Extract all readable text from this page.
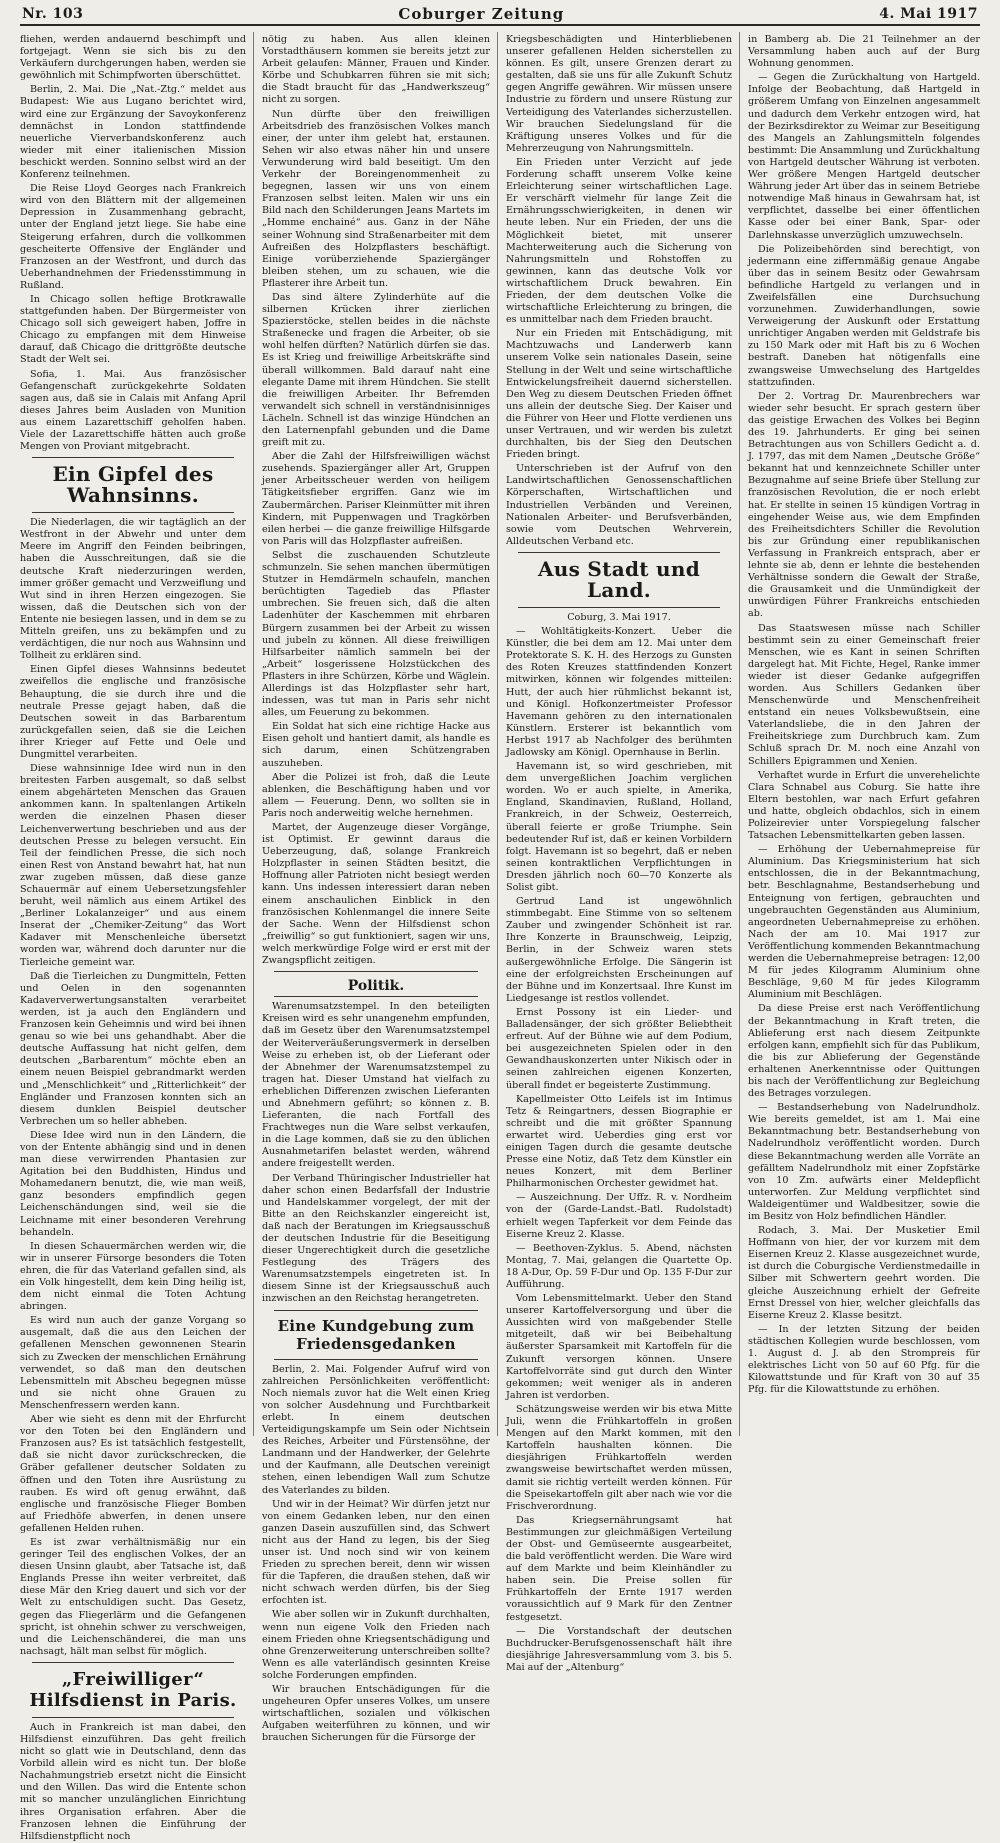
Nr. 103	Coburger Zeitung	4. Mai 1917

fliehen, werden andauernd beschimpft und fortgejagt. Wenn sie sich bis zu den Verkäufern durchgerungen haben, werden sie gewöhnlich mit Schimpfworten überschüttet.

Berlin, 2. Mai. Die „Nat.-Ztg.“ meldet aus Budapest: Wie aus Lugano berichtet wird, wird eine zur Ergänzung der Savoykonferenz demnächst in London stattfindende neuerliche Vierverbandskonferenz auch wieder mit einer italienischen Mission beschickt werden. Sonnino selbst wird an der Konferenz teilnehmen.

Die Reise Lloyd Georges nach Frankreich wird von den Blättern mit der allgemeinen Depression in Zusammenhang gebracht, unter der England jetzt liege. Sie habe eine Steigerung erfahren, durch die vollkommen gescheiterte Offensive der Engländer und Franzosen an der Westfront, und durch das Ueberhandnehmen der Friedensstimmung in Rußland.

In Chicago sollen heftige Brotkrawalle stattgefunden haben. Der Bürgermeister von Chicago soll sich geweigert haben, Joffre in Chicago zu empfangen mit dem Hinweise darauf, daß Chicago die drittgrößte deutsche Stadt der Welt sei.

Sofia, 1. Mai. Aus französischer Gefangenschaft zurückgekehrte Soldaten sagen aus, daß sie in Calais mit Anfang April dieses Jahres beim Ausladen von Munition aus einem Lazarettschiff geholfen haben. Viele der Lazarettschiffe hätten auch große Mengen von Proviant mitgebracht.

Ein Gipfel des Wahnsinns.

Die Niederlagen, die wir tagtäglich an der Westfront in der Abwehr und unter dem Meere im Angriff den Feinden beibringen, haben die Ausschreitungen, daß sie die deutsche Kraft niederzuringen werden, immer größer gemacht und Verzweiflung und Wut sind in ihren Herzen eingezogen. Sie wissen, daß die Deutschen sich von der Entente nie besiegen lassen, und in dem se zu Mitteln greifen, uns zu bekämpfen und zu verdächtigen, die nur noch aus Wahnsinn und Tollheit zu erklären sind.

Einen Gipfel dieses Wahnsinns bedeutet zweifellos die englische und französische Behauptung, die sie durch ihre und die neutrale Presse gejagt haben, daß die Deutschen soweit in das Barbarentum zurückgefallen seien, daß sie die Leichen ihrer Krieger auf Fette und Oele und Dungmittel verarbeiten.

Diese wahnsinnige Idee wird nun in den breitesten Farben ausgemalt, so daß selbst einem abgehärteten Menschen das Grauen ankommen kann. In spaltenlangen Artikeln werden die einzelnen Phasen dieser Leichenverwertung beschrieben und aus der deutschen Presse zu belegen versucht. Ein Teil der feindlichen Presse, die sich noch einen Rest von Anstand bewahrt hat, hat nun zwar zugeben müssen, daß diese ganze Schauermär auf einem Uebersetzungsfehler beruht, weil nämlich aus einem Artikel des „Berliner Lokalanzeiger“ und aus einem Inserat der „Chemiker-Zeitung“ das Wort Kadaver mit Menschenleiche übersetzt worden war, während doch darunter nur die Tierleiche gemeint war.

Daß die Tierleichen zu Dungmitteln, Fetten und Oelen in den sogenannten Kadaververwertungsanstalten verarbeitet werden, ist ja auch den Engländern und Franzosen kein Geheimnis und wird bei ihnen genau so wie bei uns gehandhabt. Aber die deutsche Auffassung hat nicht gelfen, dem deutschen „Barbarentum“ möchte eben an einem neuen Beispiel gebrandmarkt werden und „Menschlichkeit“ und „Ritterlichkeit“ der Engländer und Franzosen konnten sich an diesem dunklen Beispiel deutscher Verbrechen um so heller abheben.

Diese Idee wird nun in den Ländern, die von der Entente abhängig sind und in denen man diese verwirrenden Phantasien zur Agitation bei den Buddhisten, Hindus und Mohamedanern benutzt, die, wie man weiß, ganz besonders empfindlich gegen Leichenschändungen sind, weil sie die Leichname mit einer besonderen Verehrung behandeln.

In diesen Schauermärchen werden wir, die wir in unserer Fürsorge besonders die Toten ehren, die für das Vaterland gefallen sind, als ein Volk hingestellt, dem kein Ding heilig ist, dem nicht einmal die Toten Achtung abringen.

Es wird nun auch der ganze Vorgang so ausgemalt, daß die aus den Leichen der gefallenen Menschen gewonnenen Stearin sich zu Zwecken der menschlichen Ernährung verwendet, so daß man den deutschen Lebensmitteln mit Abscheu begegnen müsse und sie nicht ohne Grauen zu Menschenfressern werden kann.

Aber wie sieht es denn mit der Ehrfurcht vor den Toten bei den Engländern und Franzosen aus? Es ist tatsächlich festgestellt, daß sie nicht davor zurückschrecken, die Gräber gefallener deutscher Soldaten zu öffnen und den Toten ihre Ausrüstung zu rauben. Es wird oft genug erwähnt, daß englische und französische Flieger Bomben auf Friedhöfe abwerfen, in denen unsere gefallenen Helden ruhen.

Es ist zwar verhältnismäßig nur ein geringer Teil des englischen Volkes, der an diesen Unsinn glaubt, aber Tatsache ist, daß Englands Presse ihn weiter verbreitet, daß diese Mär den Krieg dauert und sich vor der Welt zu entschuldigen sucht. Das Gesetz, gegen das Fliegerlärm und die Gefangenen spricht, ist ohnehin schwer zu verschweigen, und die Leichenschänderei, die man uns nachsagt, hält man selbst für möglich.

„Freiwilliger“ Hilfsdienst in Paris.

Auch in Frankreich ist man dabei, den Hilfsdienst einzuführen. Das geht freilich nicht so glatt wie in Deutschland, denn das Vorbild allein wird es nicht tun. Der bloße Nachahmungstrieb ersetzt nicht die Einsicht und den Willen. Das wird die Entente schon mit so mancher unzulänglichen Einrichtung ihres Organisation erfahren. Aber die Franzosen lehnen die Einführung der Hilfsdienstpflicht noch

nötig zu haben. Aus allen kleinen Vorstadthäusern kommen sie bereits jetzt zur Arbeit gelaufen: Männer, Frauen und Kinder. Körbe und Schubkarren führen sie mit sich; die Stadt braucht für das „Handwerkszeug“ nicht zu sorgen.

Nun dürfte über den freiwilligen Arbeitsdrieb des französischen Volkes manch einer, der unter ihm gelebt hat, erstaunen. Sehen wir also etwas näher hin und unsere Verwunderung wird bald beseitigt. Um den Verkehr der Boreingenommenheit zu begegnen, lassen wir uns von einem Franzosen selbst leiten. Malen wir uns ein Bild nach den Schilderungen Jeans Martets im „Homme enchainé“ aus. Ganz in der Nähe seiner Wohnung sind Straßenarbeiter mit dem Aufreißen des Holzpflasters beschäftigt. Einige vorüberziehende Spaziergänger bleiben stehen, um zu schauen, wie die Pflasterer ihre Arbeit tun.

Das sind ältere Zylinderhüte auf die silbernen Krücken ihrer zierlichen Spazierstöcke, stellen beides in die nächste Straßenecke und fragen die Arbeiter, ob sie wohl helfen dürften? Natürlich dürfen sie das. Es ist Krieg und freiwillige Arbeitskräfte sind überall willkommen. Bald darauf naht eine elegante Dame mit ihrem Hündchen. Sie stellt die freiwilligen Arbeiter. Ihr Befremden verwandelt sich schnell in verständnisinniges Lächeln. Schnell ist das winzige Hündchen an den Laternenpfahl gebunden und die Dame greift mit zu.

Aber die Zahl der Hilfsfreiwilligen wächst zusehends. Spaziergänger aller Art, Gruppen jener Arbeitsscheuer werden von heiligem Tätigkeitsfieber ergriffen. Ganz wie im Zaubermärchen. Pariser Kleinmütter mit ihren Kindern, mit Puppenwagen und Tragkörben eilen herbei — die ganze freiwillige Hilfsgarde von Paris will das Holzpflaster aufreißen.

Selbst die zuschauenden Schutzleute schmunzeln. Sie sehen manchen übermütigen Stutzer in Hemdärmeln schaufeln, manchen berüchtigten Tagedieb das Pflaster umbrechen. Sie freuen sich, daß die alten Ladenhüter der Kaschemmen mit ehrbaren Bürgern zusammen bei der Arbeit zu wissen und jubeln zu können. All diese freiwilligen Hilfsarbeiter nämlich sammeln bei der „Arbeit“ losgerissene Holzstückchen des Pflasters in ihre Schürzen, Körbe und Wäglein. Allerdings ist das Holzpflaster sehr hart, indessen, was tut man in Paris sehr nicht alles, um Feuerung zu bekommen.

Ein Soldat hat sich eine richtige Hacke aus Eisen geholt und hantiert damit, als handle es sich darum, einen Schützengraben auszuheben.

Aber die Polizei ist froh, daß die Leute ablenken, die Beschäftigung haben und vor allem — Feuerung. Denn, wo sollten sie in Paris noch anderweitig welche hernehmen.

Martet, der Augenzeuge dieser Vorgänge, ist Optimist. Er gewinnt daraus die Ueberzeugung, daß, solange Frankreich Holzpflaster in seinen Städten besitzt, die Hoffnung aller Patrioten nicht besiegt werden kann. Uns indessen interessiert daran neben einem anschaulichen Einblick in den französischen Kohlenmangel die innere Seite der Sache. Wenn der Hilfsdienst schon „freiwillig“ so gut funktioniert, sagen wir uns, welch merkwürdige Folge wird er erst mit der Zwangspflicht zeitigen.

Politik.

Warenumsatzstempel. In den beteiligten Kreisen wird es sehr unangenehm empfunden, daß im Gesetz über den Warenumsatzstempel der Weiterveräußerungsvermerk in derselben Weise zu erheben ist, ob der Lieferant oder der Abnehmer der Warenumsatzstempel zu tragen hat. Dieser Umstand hat vielfach zu erheblichen Differenzen zwischen Lieferanten und Abnehmern geführt; so können z. B. Lieferanten, die nach Fortfall des Frachtweges nun die Ware selbst verkaufen, in die Lage kommen, daß sie zu den üblichen Ausnahmetarifen belastet werden, während andere freigestellt werden.

Der Verband Thüringischer Industrieller hat daher schon einen Bedarfsfall der Industrie und Handelskammer vorgelegt, der mit der Bitte an den Reichskanzler eingereicht ist, daß nach der Beratungen im Kriegsausschuß der deutschen Industrie für die Beseitigung dieser Ungerechtigkeit durch die gesetzliche Festlegung des Trägers des Warenumsatzstempels eingetreten ist. In diesem Sinne ist der Kriegsausschuß auch inzwischen an den Reichstag herangetreten.

Eine Kundgebung zum Friedensgedanken

Berlin, 2. Mai. Folgender Aufruf wird von zahlreichen Persönlichkeiten veröffentlicht: Noch niemals zuvor hat die Welt einen Krieg von solcher Ausdehnung und Furchtbarkeit erlebt. In einem deutschen Verteidigungskampfe um Sein oder Nichtsein des Reiches, Arbeiter und Fürstensöhne, der Landmann und der Handwerker, der Gelehrte und der Kaufmann, alle Deutschen vereinigt stehen, einen lebendigen Wall zum Schutze des Vaterlandes zu bilden.

Und wir in der Heimat? Wir dürfen jetzt nur von einem Gedanken leben, nur den einen ganzen Dasein auszufüllen sind, das Schwert nicht aus der Hand zu legen, bis der Sieg unser ist. Und noch sind wir von keinem Frieden zu sprechen bereit, denn wir wissen für die Tapferen, die draußen stehen, daß wir nicht schwach werden dürfen, bis der Sieg erfochten ist.

Wie aber sollen wir in Zukunft durchhalten, wenn nun eigene Volk den Frieden nach einem Frieden ohne Kriegsentschädigung und ohne Grenzerweiterung unterschreiben sollte? Wenn es alle vaterländisch gesinnten Kreise solche Forderungen empfinden.

Wir brauchen Entschädigungen für die ungeheuren Opfer unseres Volkes, um unsere wirtschaftlichen, sozialen und völkischen Aufgaben weiterführen zu können, und wir brauchen Sicherungen für die Fürsorge der

Kriegsbeschädigten und Hinterbliebenen unserer gefallenen Helden sicherstellen zu können. Es gilt, unsere Grenzen derart zu gestalten, daß sie uns für alle Zukunft Schutz gegen Angriffe gewähren. Wir müssen unsere Industrie zu fördern und unsere Rüstung zur Verteidigung des Vaterlandes sicherzustellen. Wir brauchen Siedelungsland für die Kräftigung unseres Volkes und für die Mehrerzeugung von Nahrungsmitteln.

Ein Frieden unter Verzicht auf jede Forderung schafft unserem Volke keine Erleichterung seiner wirtschaftlichen Lage. Er verschärft vielmehr für lange Zeit die Ernährungsschwierigkeiten, in denen wir heute leben. Nur ein Frieden, der uns die Möglichkeit bietet, mit unserer Machterweiterung auch die Sicherung von Nahrungsmitteln und Rohstoffen zu gewinnen, kann das deutsche Volk vor wirtschaftlichem Druck bewahren. Ein Frieden, der dem deutschen Volke die wirtschaftliche Erleichterung zu bringen, die es unmittelbar nach dem Frieden braucht.

Nur ein Frieden mit Entschädigung, mit Machtzuwachs und Landerwerb kann unserem Volke sein nationales Dasein, seine Stellung in der Welt und seine wirtschaftliche Entwickelungsfreiheit dauernd sicherstellen. Den Weg zu diesem Deutschen Frieden öffnet uns allein der deutsche Sieg. Der Kaiser und die Führer von Heer und Flotte verdienen uns unser Vertrauen, und wir werden bis zuletzt durchhalten, bis der Sieg den Deutschen Frieden bringt.

Unterschrieben ist der Aufruf von den Landwirtschaftlichen Genossenschaftlichen Körperschaften, Wirtschaftlichen und Industriellen Verbänden und Vereinen, Nationalen Arbeiter- und Berufsverbänden, sowie vom Deutschen Wehrverein, Alldeutschen Verband etc.

Aus Stadt und Land.

Coburg, 3. Mai 1917.

— Wohltätigkeits-Konzert. Ueber die Künstler, die bei dem am 12. Mai unter dem Protektorate S. K. H. des Herzogs zu Gunsten des Roten Kreuzes stattfindenden Konzert mitwirken, können wir folgendes mitteilen: Hutt, der auch hier rühmlichst bekannt ist, und Königl. Hofkonzertmeister Professor Havemann gehören zu den internationalen Künstlern. Ersterer ist bekanntlich vom Herbst 1917 ab Nachfolger des berühmten Jadlowsky am Königl. Opernhause in Berlin.

Havemann ist, so wird geschrieben, mit dem unvergeßlichen Joachim verglichen worden. Wo er auch spielte, in Amerika, England, Skandinavien, Rußland, Holland, Frankreich, in der Schweiz, Oesterreich, überall feierte er große Triumphe. Sein bedeutender Ruf ist, daß er keinen Vorbildern folgt. Havemann ist so begehrt, daß er neben seinen kontraktlichen Verpflichtungen in Dresden jährlich noch 60—70 Konzerte als Solist gibt.

Gertrud Land ist ungewöhnlich stimmbegabt. Eine Stimme von so seltenem Zauber und zwingender Schönheit ist rar. Ihre Konzerte in Braunschweig, Leipzig, Berlin, in der Schweiz waren stets außergewöhnliche Erfolge. Die Sängerin ist eine der erfolgreichsten Erscheinungen auf der Bühne und im Konzertsaal. Ihre Kunst im Liedgesange ist restlos vollendet.

Ernst Possony ist ein Lieder- und Balladensänger, der sich größter Beliebtheit erfreut. Auf der Bühne wie auf dem Podium, bei ausgezeichneten Spielen oder in den Gewandhauskonzerten unter Nikisch oder in seinen zahlreichen eigenen Konzerten, überall findet er begeisterte Zustimmung.

Kapellmeister Otto Leifels ist im Intimus Tetz & Reingartners, dessen Biographie er schreibt und die mit größter Spannung erwartet wird. Ueberdies ging erst vor einigen Tagen durch die gesamte deutsche Presse eine Notiz, daß Tetz dem Künstler ein neues Konzert, mit dem Berliner Philharmonischen Orchester gewidmet hat.

— Auszeichnung. Der Uffz. R. v. Nordheim von der (Garde-Landst.-Batl. Rudolstadt) erhielt wegen Tapferkeit vor dem Feinde das Eiserne Kreuz 2. Klasse.

— Beethoven-Zyklus. 5. Abend, nächsten Montag, 7. Mai, gelangen die Quartette Op. 18 A-Dur, Op. 59 F-Dur und Op. 135 F-Dur zur Aufführung.

Vom Lebensmittelmarkt. Ueber den Stand unserer Kartoffelversorgung und über die Aussichten wird von maßgebender Stelle mitgeteilt, daß wir bei Beibehaltung äußerster Sparsamkeit mit Kartoffeln für die Zukunft versorgen können. Unsere Kartoffelvorräte sind gut durch den Winter gekommen; weit weniger als in anderen Jahren ist verdorben.

Schätzungsweise werden wir bis etwa Mitte Juli, wenn die Frühkartoffeln in großen Mengen auf den Markt kommen, mit den Kartoffeln haushalten können. Die diesjährigen Frühkartoffeln werden zwangsweise bewirtschaftet werden müssen, damit sie richtig verteilt werden können. Für die Speisekartoffeln gilt aber nach wie vor die Frischverordnung.

Das Kriegsernährungsamt hat Bestimmungen zur gleichmäßigen Verteilung der Obst- und Gemüseernte ausgearbeitet, die bald veröffentlicht werden. Die Ware wird auf dem Markte und beim Kleinhändler zu haben sein. Die Preise sollen für Frühkartoffeln der Ernte 1917 werden voraussichtlich auf 9 Mark für den Zentner festgesetzt.

— Die Vorstandschaft der deutschen Buchdrucker-Berufsgenossenschaft hält ihre diesjährige Jahresversammlung vom 3. bis 5. Mai auf der „Altenburg“

in Bamberg ab. Die 21 Teilnehmer an der Versammlung haben auch auf der Burg Wohnung genommen.

— Gegen die Zurückhaltung von Hartgeld. Infolge der Beobachtung, daß Hartgeld in größerem Umfang von Einzelnen angesammelt und dadurch dem Verkehr entzogen wird, hat der Bezirksdirektor zu Weimar zur Beseitigung des Mangels an Zahlungsmitteln folgendes bestimmt: Die Ansammlung und Zurückhaltung von Hartgeld deutscher Währung ist verboten. Wer größere Mengen Hartgeld deutscher Währung jeder Art über das in seinem Betriebe notwendige Maß hinaus in Gewahrsam hat, ist verpflichtet, dasselbe bei einer öffentlichen Kasse oder bei einer Bank, Spar- oder Darlehnskasse unverzüglich umzuwechseln.

Die Polizeibehörden sind berechtigt, von jedermann eine ziffernmäßig genaue Angabe über das in seinem Besitz oder Gewahrsam befindliche Hartgeld zu verlangen und in Zweifelsfällen eine Durchsuchung vorzunehmen. Zuwiderhandlungen, sowie Verweigerung der Auskunft oder Erstattung unrichtiger Angaben werden mit Geldstrafe bis zu 150 Mark oder mit Haft bis zu 6 Wochen bestraft. Daneben hat nötigenfalls eine zwangsweise Umwechselung des Hartgeldes stattzufinden.

Der 2. Vortrag Dr. Maurenbrechers war wieder sehr besucht. Er sprach gestern über das geistige Erwachen des Volkes bei Beginn des 19. Jahrhunderts. Er ging bei seinen Betrachtungen aus von Schillers Gedicht a. d. J. 1797, das mit dem Namen „Deutsche Größe“ bekannt hat und kennzeichnete Schiller unter Bezugnahme auf seine Briefe über Stellung zur französischen Revolution, die er noch erlebt hat. Er stellte in seinen 15 kündigen Vortrag in eingehender Weise aus, wie dem Empfinden des Freiheitsdichters Schiller die Revolution bis zur Gründung einer republikanischen Verfassung in Frankreich entsprach, aber er lehnte sie ab, denn er lehnte die bestehenden Verhältnisse sondern die Gewalt der Straße, die Grausamkeit und die Unmündigkeit der unwürdigen Führer Frankreichs entschieden ab.

Das Staatswesen müsse nach Schiller bestimmt sein zu einer Gemeinschaft freier Menschen, wie es Kant in seinen Schriften dargelegt hat. Mit Fichte, Hegel, Ranke immer wieder ist dieser Gedanke aufgegriffen worden. Aus Schillers Gedanken über Menschenwürde und Menschenfreiheit entstand ein neues Volksbewußtsein, eine Vaterlandsliebe, die in den Jahren der Freiheitskriege zum Durchbruch kam. Zum Schluß sprach Dr. M. noch eine Anzahl von Schillers Epigrammen und Xenien.

Verhaftet wurde in Erfurt die unverehelichte Clara Schnabel aus Coburg. Sie hatte ihre Eltern bestohlen, war nach Erfurt gefahren und hatte, obgleich obdachlos, sich in einem Polizeirevier unter Vorspiegelung falscher Tatsachen Lebensmittelkarten geben lassen.

— Erhöhung der Uebernahmepreise für Aluminium. Das Kriegsministerium hat sich entschlossen, die in der Bekanntmachung, betr. Beschlagnahme, Bestandserhebung und Enteignung von fertigen, gebrauchten und ungebrauchten Gegenständen aus Aluminium, angeordneten Uebernahmepreise zu erhöhen. Nach der am 10. Mai 1917 zur Veröffentlichung kommenden Bekanntmachung werden die Uebernahmepreise betragen: 12,00 M für jedes Kilogramm Aluminium ohne Beschläge, 9,60 M für jedes Kilogramm Aluminium mit Beschlägen.

Da diese Preise erst nach Veröffentlichung der Bekanntmachung in Kraft treten, die Ablieferung erst nach diesem Zeitpunkte erfolgen kann, empfiehlt sich für das Publikum, die bis zur Ablieferung der Gegenstände erhaltenen Anerkenntnisse oder Quittungen bis nach der Veröffentlichung zur Begleichung des Betrages vorzulegen.

— Bestandserhebung von Nadelrundholz. Wie bereits gemeldet, ist am 1. Mai eine Bekanntmachung betr. Bestandserhebung von Nadelrundholz veröffentlicht worden. Durch diese Bekanntmachung werden alle Vorräte an gefälltem Nadelrundholz mit einer Zopfstärke von 10 Zm. aufwärts einer Meldepflicht unterworfen. Zur Meldung verpflichtet sind Waldeigentümer und Waldbesitzer, sowie die im Besitz von Holz befindlichen Händler.

Rodach, 3. Mai. Der Musketier Emil Hoffmann von hier, der vor kurzem mit dem Eisernen Kreuz 2. Klasse ausgezeichnet wurde, ist durch die Coburgische Verdienstmedaille in Silber mit Schwertern geehrt worden. Die gleiche Auszeichnung erhielt der Gefreite Ernst Dressel von hier, welcher gleichfalls das Eiserne Kreuz 2. Klasse besitzt.

— In der letzten Sitzung der beiden städtischen Kollegien wurde beschlossen, vom 1. August d. J. ab den Strompreis für elektrisches Licht von 50 auf 60 Pfg. für die Kilowattstunde und für Kraft von 30 auf 35 Pfg. für die Kilowattstunde zu erhöhen.
